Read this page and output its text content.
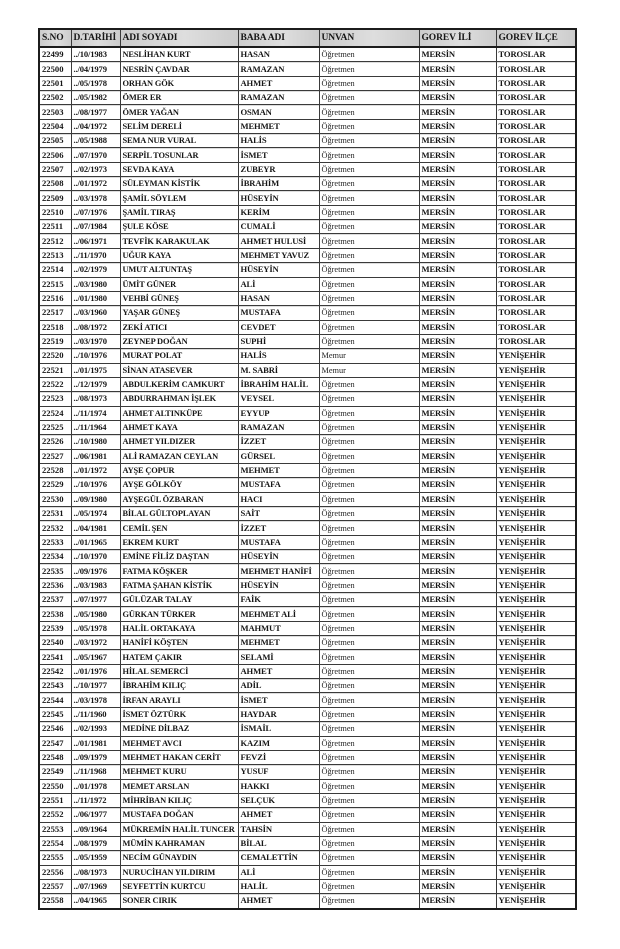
S.NO	D.TARİHİ	ADI SOYADI	BABA ADI	UNVAN	GOREV İLİ	GOREV İLÇE
22499	../10/1983	NESLİHAN KURT	HASAN	Öğretmen	MERSİN	TOROSLAR
22500	../04/1979	NESRİN ÇAVDAR	RAMAZAN	Öğretmen	MERSİN	TOROSLAR
22501	../05/1978	ORHAN GÖK	AHMET	Öğretmen	MERSİN	TOROSLAR
22502	../05/1982	ÖMER ER	RAMAZAN	Öğretmen	MERSİN	TOROSLAR
22503	../08/1977	ÖMER YAĞAN	OSMAN	Öğretmen	MERSİN	TOROSLAR
22504	../04/1972	SELİM DERELİ	MEHMET	Öğretmen	MERSİN	TOROSLAR
22505	../05/1988	SEMA NUR VURAL	HALİS	Öğretmen	MERSİN	TOROSLAR
22506	../07/1970	SERPİL TOSUNLAR	İSMET	Öğretmen	MERSİN	TOROSLAR
22507	../02/1973	SEVDA KAYA	ZUBEYR	Öğretmen	MERSİN	TOROSLAR
22508	../01/1972	SÜLEYMAN KİSTİK	İBRAHİM	Öğretmen	MERSİN	TOROSLAR
22509	../03/1978	ŞAMİL SÖYLEM	HÜSEYİN	Öğretmen	MERSİN	TOROSLAR
22510	../07/1976	ŞAMİL TIRAŞ	KERİM	Öğretmen	MERSİN	TOROSLAR
22511	../07/1984	ŞULE KÖSE	CUMALİ	Öğretmen	MERSİN	TOROSLAR
22512	../06/1971	TEVFİK KARAKULAK	AHMET HULUSİ	Öğretmen	MERSİN	TOROSLAR
22513	../11/1970	UĞUR KAYA	MEHMET YAVUZ	Öğretmen	MERSİN	TOROSLAR
22514	../02/1979	UMUT ALTUNTAŞ	HÜSEYİN	Öğretmen	MERSİN	TOROSLAR
22515	../03/1980	ÜMİT GÜNER	ALİ	Öğretmen	MERSİN	TOROSLAR
22516	../01/1980	VEHBİ GÜNEŞ	HASAN	Öğretmen	MERSİN	TOROSLAR
22517	../03/1960	YAŞAR GÜNEŞ	MUSTAFA	Öğretmen	MERSİN	TOROSLAR
22518	../08/1972	ZEKİ ATICI	CEVDET	Öğretmen	MERSİN	TOROSLAR
22519	../03/1970	ZEYNEP DOĞAN	SUPHİ	Öğretmen	MERSİN	TOROSLAR
22520	../10/1976	MURAT POLAT	HALİS	Memur	MERSİN	YENİŞEHİR
22521	../01/1975	SİNAN ATASEVER	M. SABRİ	Memur	MERSİN	YENİŞEHİR
22522	../12/1979	ABDULKERİM CAMKURT	İBRAHİM HALİL	Öğretmen	MERSİN	YENİŞEHİR
22523	../08/1973	ABDURRAHMAN İŞLEK	VEYSEL	Öğretmen	MERSİN	YENİŞEHİR
22524	../11/1974	AHMET ALTINKÜPE	EYYUP	Öğretmen	MERSİN	YENİŞEHİR
22525	../11/1964	AHMET KAYA	RAMAZAN	Öğretmen	MERSİN	YENİŞEHİR
22526	../10/1980	AHMET YILDIZER	İZZET	Öğretmen	MERSİN	YENİŞEHİR
22527	../06/1981	ALİ RAMAZAN CEYLAN	GÜRSEL	Öğretmen	MERSİN	YENİŞEHİR
22528	../01/1972	AYŞE ÇOPUR	MEHMET	Öğretmen	MERSİN	YENİŞEHİR
22529	../10/1976	AYŞE GÖLKÖY	MUSTAFA	Öğretmen	MERSİN	YENİŞEHİR
22530	../09/1980	AYŞEGÜL ÖZBARAN	HACI	Öğretmen	MERSİN	YENİŞEHİR
22531	../05/1974	BİLAL GÜLTOPLAYAN	SAİT	Öğretmen	MERSİN	YENİŞEHİR
22532	../04/1981	CEMİL ŞEN	İZZET	Öğretmen	MERSİN	YENİŞEHİR
22533	../01/1965	EKREM KURT	MUSTAFA	Öğretmen	MERSİN	YENİŞEHİR
22534	../10/1970	EMİNE FİLİZ DAŞTAN	HÜSEYİN	Öğretmen	MERSİN	YENİŞEHİR
22535	../09/1976	FATMA KÖŞKER	MEHMET HANİFİ	Öğretmen	MERSİN	YENİŞEHİR
22536	../03/1983	FATMA ŞAHAN KİSTİK	HÜSEYİN	Öğretmen	MERSİN	YENİŞEHİR
22537	../07/1977	GÜLÜZAR TALAY	FAİK	Öğretmen	MERSİN	YENİŞEHİR
22538	../05/1980	GÜRKAN TÜRKER	MEHMET ALİ	Öğretmen	MERSİN	YENİŞEHİR
22539	../05/1978	HALİL ORTAKAYA	MAHMUT	Öğretmen	MERSİN	YENİŞEHİR
22540	../03/1972	HANİFİ KÖŞTEN	MEHMET	Öğretmen	MERSİN	YENİŞEHİR
22541	../05/1967	HATEM ÇAKIR	SELAMİ	Öğretmen	MERSİN	YENİŞEHİR
22542	../01/1976	HİLAL SEMERCİ	AHMET	Öğretmen	MERSİN	YENİŞEHİR
22543	../10/1977	İBRAHİM KILIÇ	ADİL	Öğretmen	MERSİN	YENİŞEHİR
22544	../03/1978	İRFAN ARAYLI	İSMET	Öğretmen	MERSİN	YENİŞEHİR
22545	../11/1960	İSMET ÖZTÜRK	HAYDAR	Öğretmen	MERSİN	YENİŞEHİR
22546	../02/1993	MEDİNE DİLBAZ	İSMAİL	Öğretmen	MERSİN	YENİŞEHİR
22547	../01/1981	MEHMET AVCI	KAZIM	Öğretmen	MERSİN	YENİŞEHİR
22548	../09/1979	MEHMET HAKAN CERİT	FEVZİ	Öğretmen	MERSİN	YENİŞEHİR
22549	../11/1968	MEHMET KURU	YUSUF	Öğretmen	MERSİN	YENİŞEHİR
22550	../01/1978	MEMET ARSLAN	HAKKI	Öğretmen	MERSİN	YENİŞEHİR
22551	../11/1972	MİHRİBAN KILIÇ	SELÇUK	Öğretmen	MERSİN	YENİŞEHİR
22552	../06/1977	MUSTAFA DOĞAN	AHMET	Öğretmen	MERSİN	YENİŞEHİR
22553	../09/1964	MÜKREMİN HALİL TUNCER	TAHSİN	Öğretmen	MERSİN	YENİŞEHİR
22554	../08/1979	MÜMİN KAHRAMAN	BİLAL	Öğretmen	MERSİN	YENİŞEHİR
22555	../05/1959	NECİM GÜNAYDIN	CEMALETTİN	Öğretmen	MERSİN	YENİŞEHİR
22556	../08/1973	NURUCİHAN YILDIRIM	ALİ	Öğretmen	MERSİN	YENİŞEHİR
22557	../07/1969	SEYFETTİN KURTCU	HALİL	Öğretmen	MERSİN	YENİŞEHİR
22558	../04/1965	SONER CIRIK	AHMET	Öğretmen	MERSİN	YENİŞEHİR
